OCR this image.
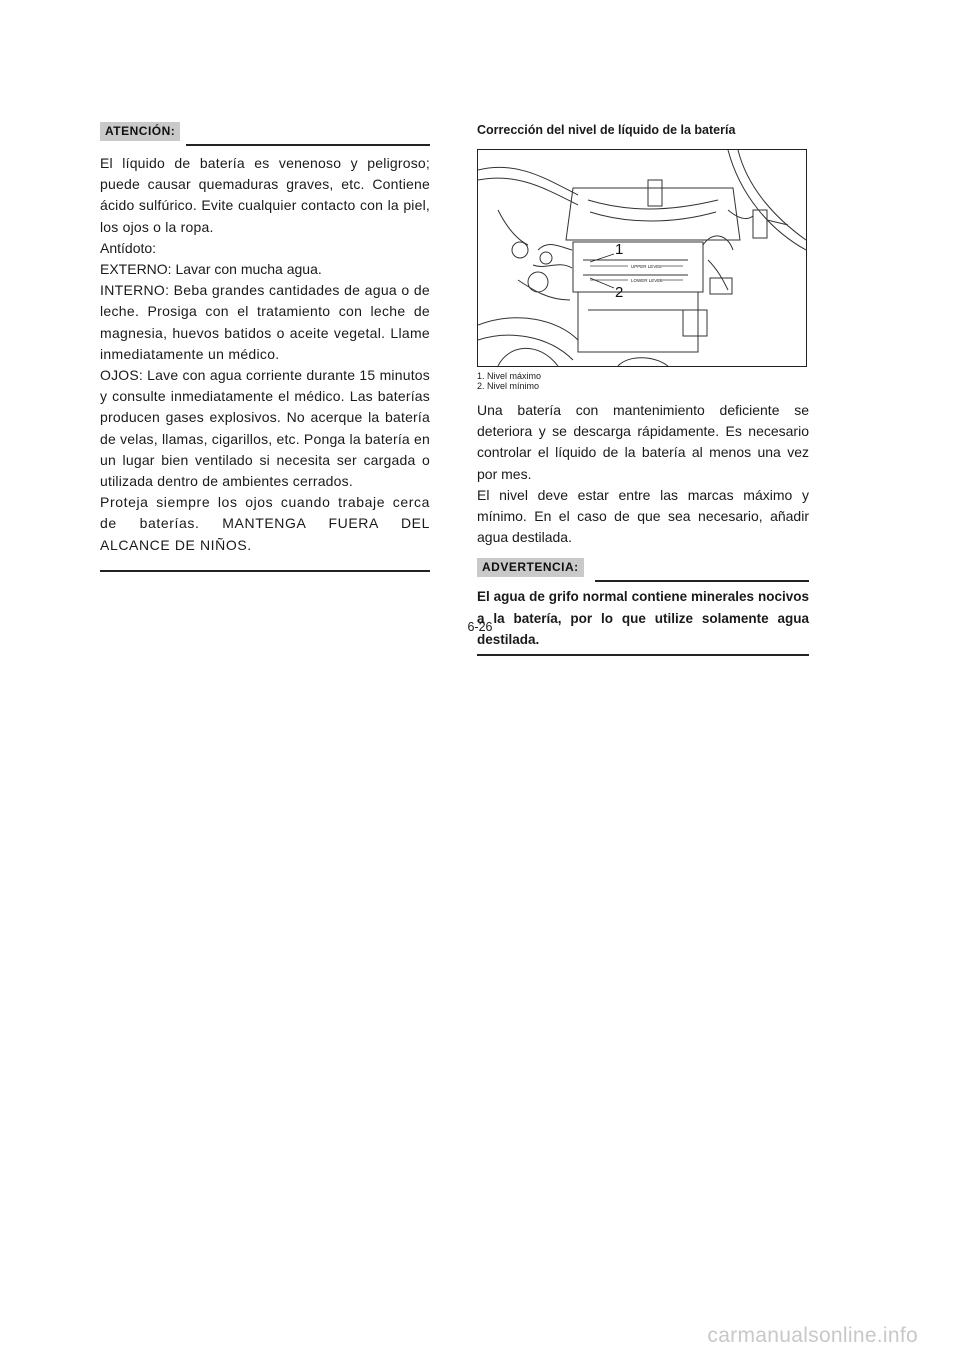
ATENCIÓN:

El líquido de batería es venenoso y peligroso; puede causar quemaduras graves, etc. Contiene ácido sulfúrico. Evite cualquier contacto con la piel, los ojos o la ropa.

Antídoto:

EXTERNO: Lavar con mucha agua.

INTERNO: Beba grandes cantidades de agua o de leche. Prosiga con el tratamiento con leche de magnesia, huevos batidos o aceite vegetal. Llame inmediatamente un médico.

OJOS: Lave con agua corriente durante 15 minutos y consulte inmediatamente el médico. Las baterías producen gases explosivos. No acerque la batería de velas, llamas, cigarillos, etc. Ponga la batería en un lugar bien ventilado si necesita ser cargada o utilizada dentro de ambientes cerrados.

Proteja siempre los ojos cuando trabaje cerca de baterías. MANTENGA FUERA DEL ALCANCE DE NIÑOS.

Corrección del nivel de líquido de la batería

UPPER LEVEL
LOWER LEVEL
1
2
1. Nivel máximo
2. Nivel mínimo

Una batería con mantenimiento deficiente se deteriora y se descarga rápidamente. Es necesario controlar el líquido de la batería al menos una vez por mes.

El nivel deve estar entre las marcas máximo y mínimo. En el caso de que sea necesario, añadir agua destilada.

ADVERTENCIA:

El agua de grifo normal contiene minerales nocivos a la batería, por lo que utilize solamente agua destilada.

6-26
carmanualsonline.info
